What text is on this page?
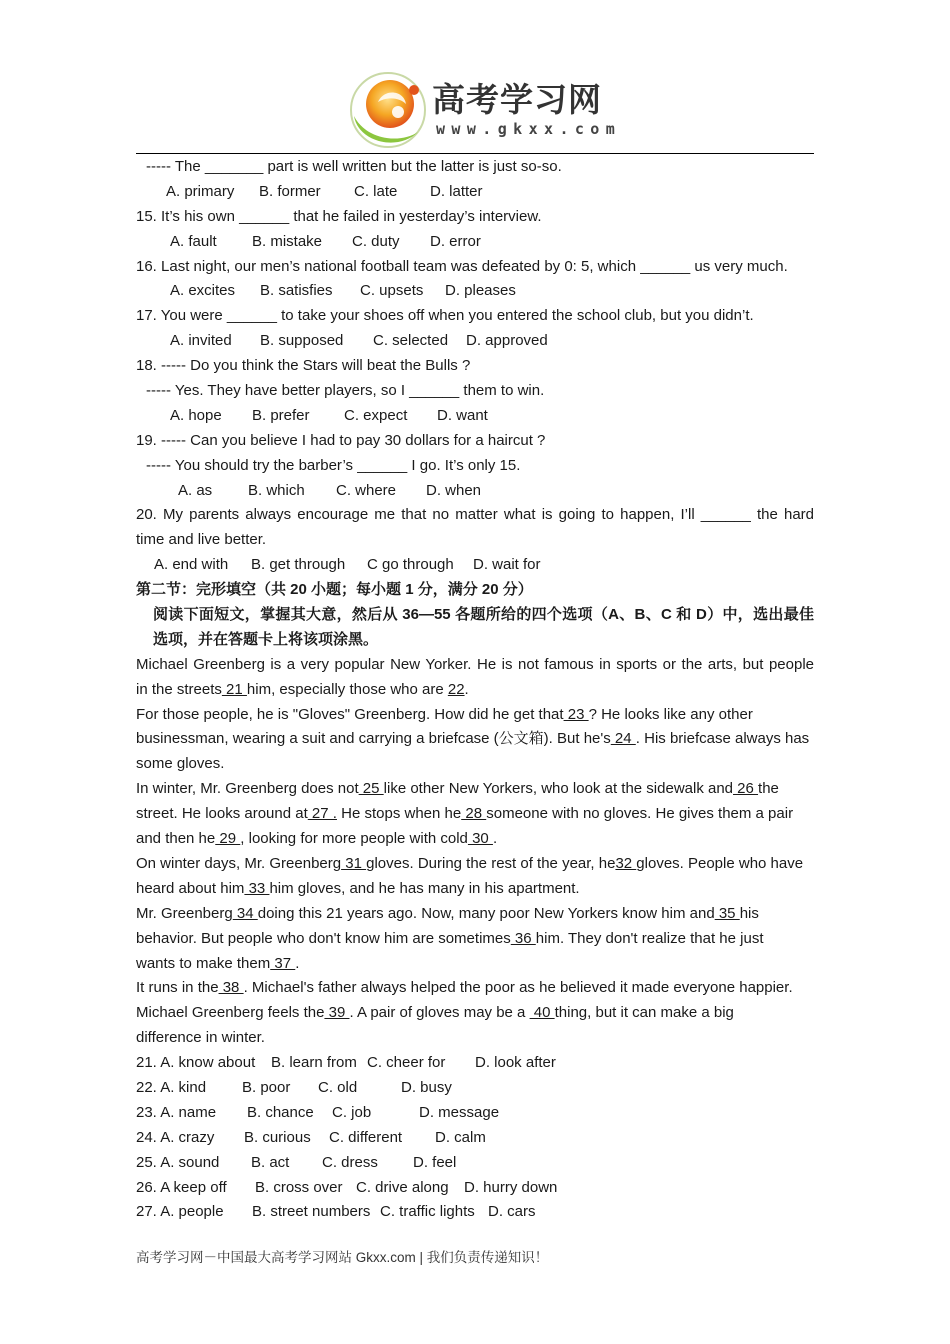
高考学习网
www.gkxx.com
----- The _______ part is well written but the latter is just so-so.
A. primary B. former C. late D. latter
15. It’s his own ______ that he failed in yesterday’s interview.
A. fault B. mistake C. duty D. error
16. Last night, our men’s national football team was defeated by 0: 5, which ______ us very much.
A. excites B. satisfies C. upsets D. pleases
17. You were ______ to take your shoes off when you entered the school club, but you didn’t.
A. invited B. supposed C. selected D. approved
18. ----- Do you think the Stars will beat the Bulls ?
----- Yes. They have better players, so I ______ them to win.
A. hope B. prefer C. expect D. want
19. ----- Can you believe I had to pay 30 dollars for a haircut ?
----- You should try the barber’s ______ I go. It’s only 15.
A. as B. which C. where D. when
20. My parents always encourage me that no matter what is going to happen, I’ll ______ the hard
time and live better.
A. end with B. get through C go through D. wait for
第二节：完形填空（共 20 小题；每小题 1 分，满分 20 分）
阅读下面短文，掌握其大意，然后从 36—55 各题所给的四个选项（A、B、C 和 D）中，选出最佳
选项，并在答题卡上将该项涂黑。
Michael Greenberg is a very popular New Yorker. He is not famous in sports or the arts, but people
in the streets 21 him, especially those who are 22.
For those people, he is "Gloves" Greenberg. How did he get that 23 ? He looks like any other
businessman, wearing a suit and carrying a briefcase (公文箱). But he's 24 . His briefcase always has
some gloves.
In winter, Mr. Greenberg does not 25 like other New Yorkers, who look at the sidewalk and 26 the
street. He looks around at 27 . He stops when he 28 someone with no gloves. He gives them a pair
and then he 29 , looking for more people with cold 30 .
On winter days, Mr. Greenberg 31 gloves. During the rest of the year, he32 gloves. People who have
heard about him 33 him gloves, and he has many in his apartment.
Mr. Greenberg 34 doing this 21 years ago. Now, many poor New Yorkers know him and 35 his
behavior. But people who don't know him are sometimes 36 him. They don't realize that he just
wants to make them 37 .
It runs in the 38 . Michael's father always helped the poor as he believed it made everyone happier.
Michael Greenberg feels the 39 . A pair of gloves may be a  40 thing, but it can make a big
difference in winter.
21. A. know about B. learn from C. cheer for D. look after
22. A. kind B. poor C. old	D. busy
23. A. name B. chance C. job	D. message
24. A. crazy B. curious C. different D. calm
25. A. sound B. act C. dress D. feel
26. A keep off B. cross over C. drive along D. hurry down
27. A. people B. street numbers C. traffic lights D. cars
高考学习网－中国最大高考学习网站 Gkxx.com | 我们负责传递知识！
